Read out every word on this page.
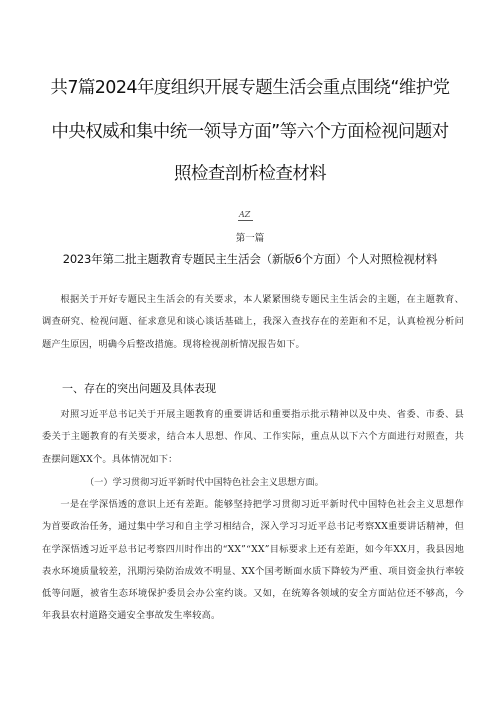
共7篇2024年度组织开展专题生活会重点围绕“维护党
中央权威和集中统一领导方面”等六个方面检视问题对
照检查剖析检查材料
AZ
第一篇
2023年第二批主题教育专题民主生活会（新版6个方面）个人对照检视材料
根据关于开好专题民主生活会的有关要求，本人紧紧围绕专题民主生活会的主题，在主题教育、调查研究、检视问题、征求意见和谈心谈话基础上，我深入查找存在的差距和不足，认真检视分析问题产生原因，明确今后整改措施。现将检视剖析情况报告如下。
一、存在的突出问题及具体表现
对照习近平总书记关于开展主题教育的重要讲话和重要指示批示精神以及中央、省委、市委、县委关于主题教育的有关要求，结合本人思想、作风、工作实际，重点从以下六个方面进行对照查，共查摆问题XX个。具体情况如下：
（一）学习贯彻习近平新时代中国特色社会主义思想方面。
一是在学深悟透的意识上还有差距。能够坚持把学习贯彻习近平新时代中国特色社会主义思想作为首要政治任务，通过集中学习和自主学习相结合，深入学习习近平总书记考察XX重要讲话精神，但在学深悟透习近平总书记考察四川时作出的“XX”“XX”目标要求上还有差距，如今年XX月，我县因地表水环境质量较差，汛期污染防治成效不明显、XX个国考断面水质下降较为严重、项目资金执行率较低等问题，被省生态环境保护委员会办公室约谈。又如，在统筹各领域的安全方面站位还不够高，今年我县农村道路交通安全事故发生率较高。
